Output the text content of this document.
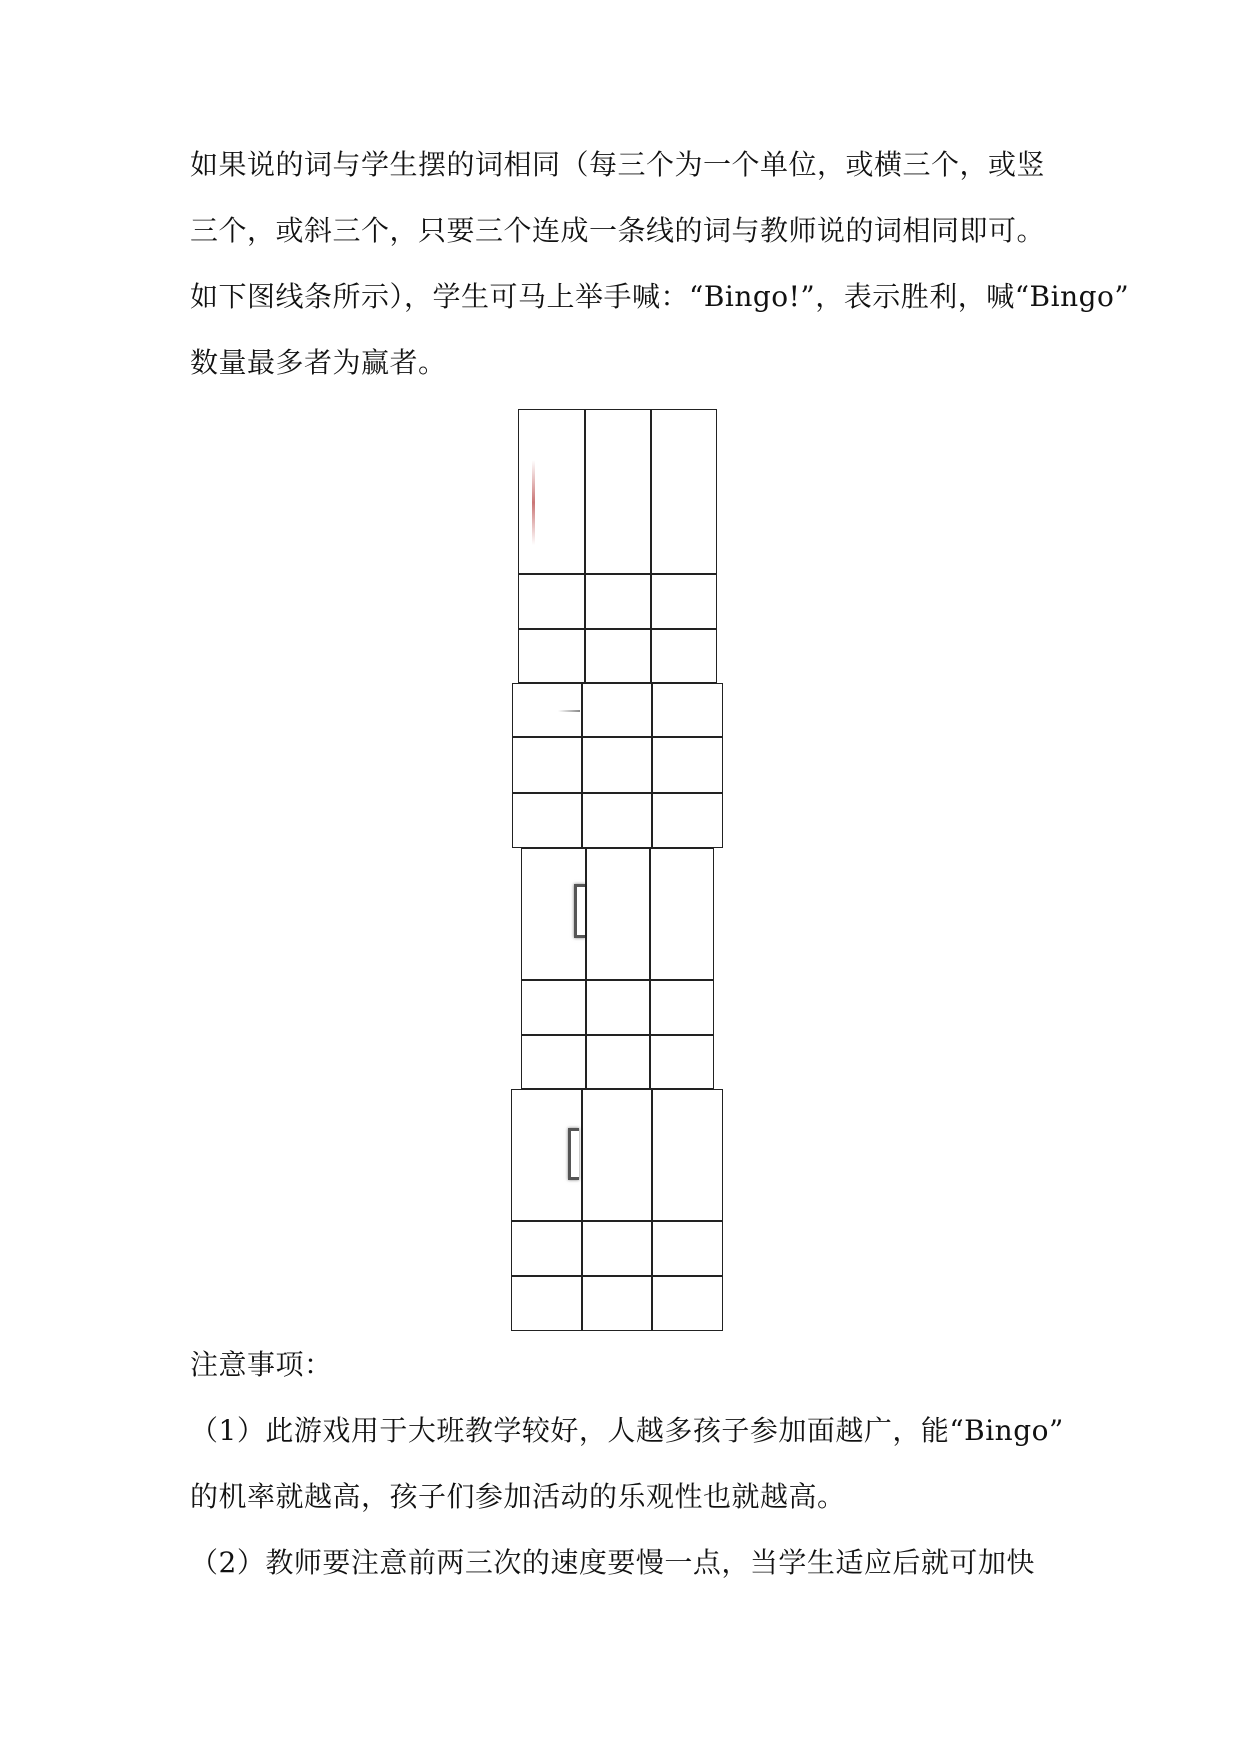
如果说的词与学生摆的词相同（每三个为一个单位，或横三个，或竖
三个，或斜三个，只要三个连成一条线的词与教师说的词相同即可。
如下图线条所示），学生可马上举手喊：“Bingo!”，表示胜利，喊“Bingo”
数量最多者为赢者。
注意事项：
（1）此游戏用于大班教学较好，人越多孩子参加面越广，能“Bingo”
的机率就越高，孩子们参加活动的乐观性也就越高。
（2）教师要注意前两三次的速度要慢一点，当学生适应后就可加快
